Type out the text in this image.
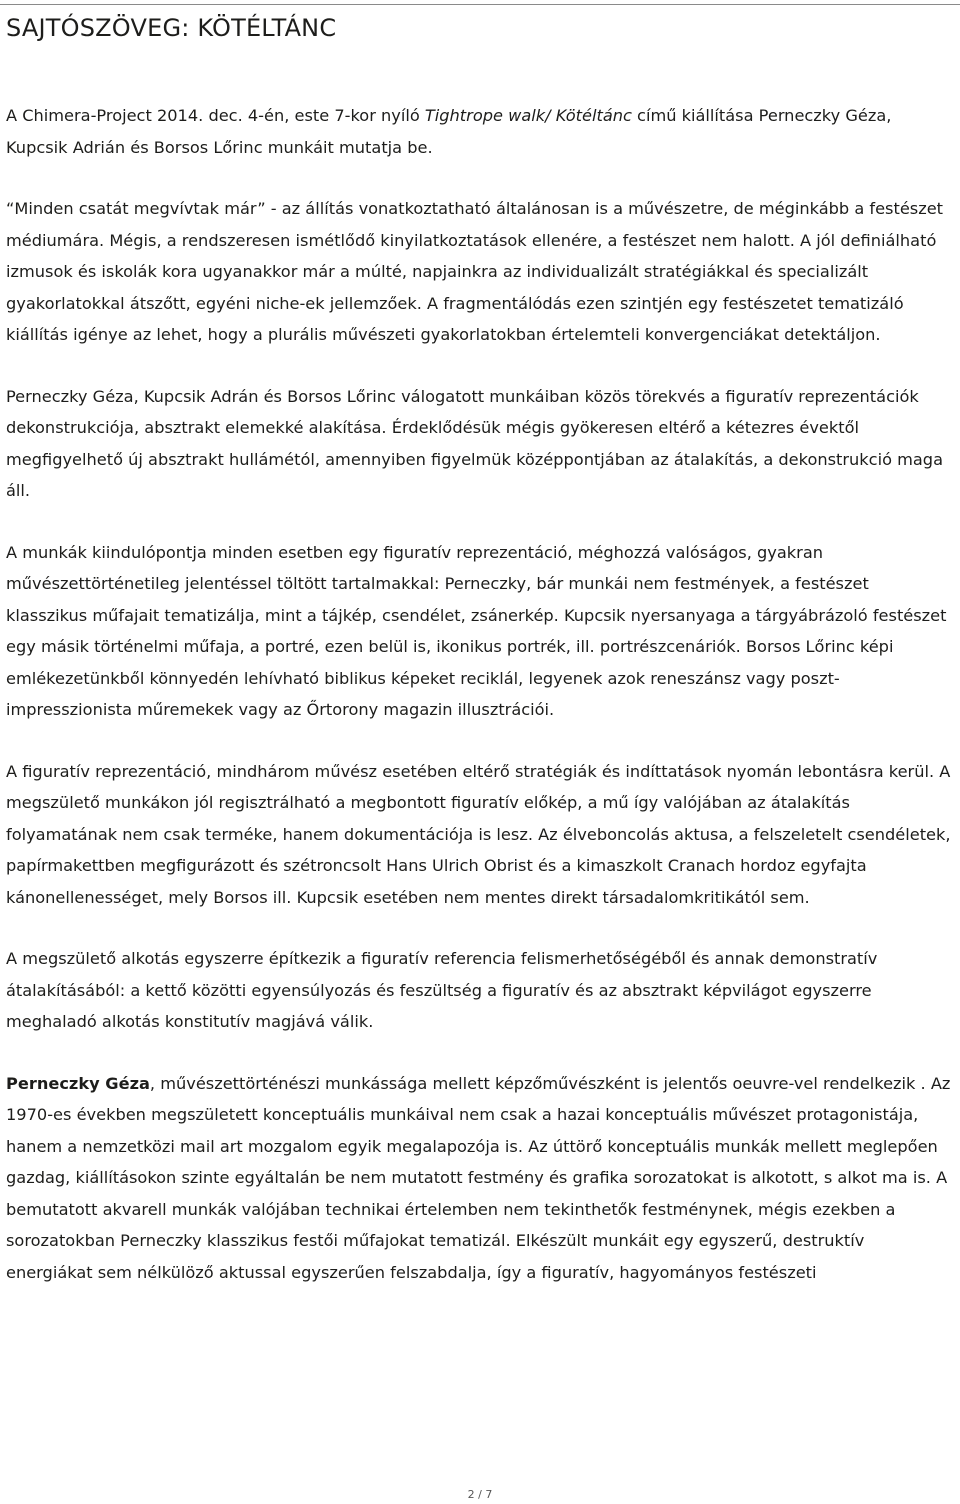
SAJTÓSZÖVEG: KÖTÉLTÁNC

A Chimera-Project 2014. dec. 4-én, este 7-kor nyíló Tightrope walk/ Kötéltánc című kiállítása Perneczky Géza, Kupcsik Adrián és Borsos Lőrinc munkáit mutatja be.

“Minden csatát megvívtak már” - az állítás vonatkoztatható általánosan is a művészetre, de méginkább a festészet médiumára. Mégis, a rendszeresen ismétlődő kinyilatkoztatások ellenére, a festészet nem halott. A jól definiálható izmusok és iskolák kora ugyanakkor már a múlté, napjainkra az individualizált stratégiákkal és specializált gyakorlatokkal átszőtt, egyéni niche-ek jellemzőek. A fragmentálódás ezen szintjén egy festészetet tematizáló kiállítás igénye az lehet, hogy a plurális művészeti gyakorlatokban értelemteli konvergenciákat detektáljon.

Perneczky Géza, Kupcsik Adrán és Borsos Lőrinc válogatott munkáiban közös törekvés a figuratív reprezentációk dekonstrukciója, absztrakt elemekké alakítása. Érdeklődésük mégis gyökeresen eltérő a kétezres évektől megfigyelhető új absztrakt hullámétól, amennyiben figyelmük középpontjában az átalakítás, a dekonstrukció maga áll.

A munkák kiindulópontja minden esetben egy figuratív reprezentáció, méghozzá valóságos, gyakran művészettörténetileg jelentéssel töltött tartalmakkal: Perneczky, bár munkái nem festmények, a festészet klasszikus műfajait tematizálja, mint a tájkép, csendélet, zsánerkép. Kupcsik nyersanyaga a tárgyábrázoló festészet egy másik történelmi műfaja, a portré, ezen belül is, ikonikus portrék, ill. portrészcenáriók. Borsos Lőrinc képi emlékezetünkből könnyedén lehívható biblikus képeket reciklál, legyenek azok reneszánsz vagy poszt-impresszionista műremekek vagy az Őrtorony magazin illusztrációi.

A figuratív reprezentáció, mindhárom művész esetében eltérő stratégiák és indíttatások nyomán lebontásra kerül. A megszülető munkákon jól regisztrálható a megbontott figuratív előkép, a mű így valójában az átalakítás folyamatának nem csak terméke, hanem dokumentációja is lesz. Az élveboncolás aktusa, a felszeletelt csendéletek, papírmakettben megfigurázott és szétroncsolt Hans Ulrich Obrist és a kimaszkolt Cranach hordoz egyfajta kánonellenességet, mely Borsos ill. Kupcsik esetében nem mentes direkt társadalomkritikától sem.

A megszülető alkotás egyszerre építkezik a figuratív referencia felismerhetőségéből és annak demonstratív átalakításából: a kettő közötti egyensúlyozás és feszültség a figuratív és az absztrakt képvilágot egyszerre meghaladó alkotás konstitutív magjává válik.

Perneczky Géza, művészettörténészi munkássága mellett képzőművészként is jelentős oeuvre-vel rendelkezik . Az 1970-es években megszületett konceptuális munkáival nem csak a hazai konceptuális művészet protagonistája, hanem a nemzetközi mail art mozgalom egyik megalapozója is. Az úttörő konceptuális munkák mellett meglepően gazdag, kiállításokon szinte egyáltalán be nem mutatott festmény és grafika sorozatokat is alkotott, s alkot ma is. A bemutatott akvarell munkák valójában technikai értelemben nem tekinthetők festménynek, mégis ezekben a sorozatokban Perneczky klasszikus festői műfajokat tematizál. Elkészült munkáit egy egyszerű, destruktív energiákat sem nélkülöző aktussal egyszerűen felszabdalja, így a figuratív, hagyományos festészeti

2 / 7
